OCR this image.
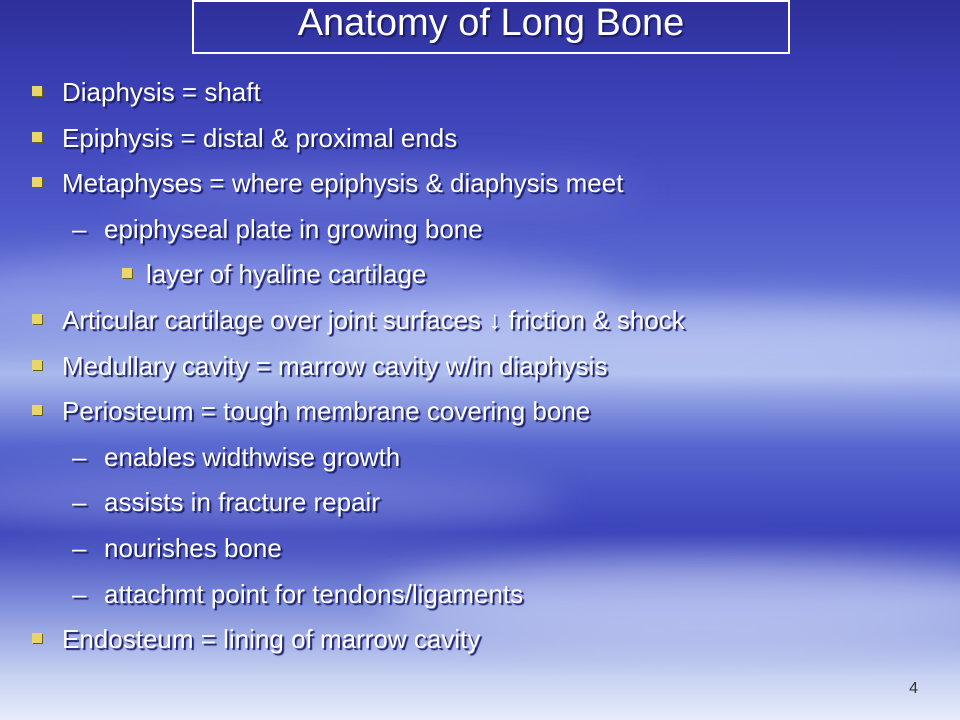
Anatomy of Long Bone
Diaphysis = shaft
Epiphysis = distal & proximal ends
Metaphyses = where epiphysis & diaphysis meet
– epiphyseal plate in growing bone
layer of hyaline cartilage
Articular cartilage over joint surfaces ↓ friction & shock
Medullary cavity = marrow cavity w/in diaphysis
Periosteum = tough membrane covering bone
– enables widthwise growth
– assists in fracture repair
– nourishes bone
– attachmt point for tendons/ligaments
Endosteum = lining of marrow cavity
4
